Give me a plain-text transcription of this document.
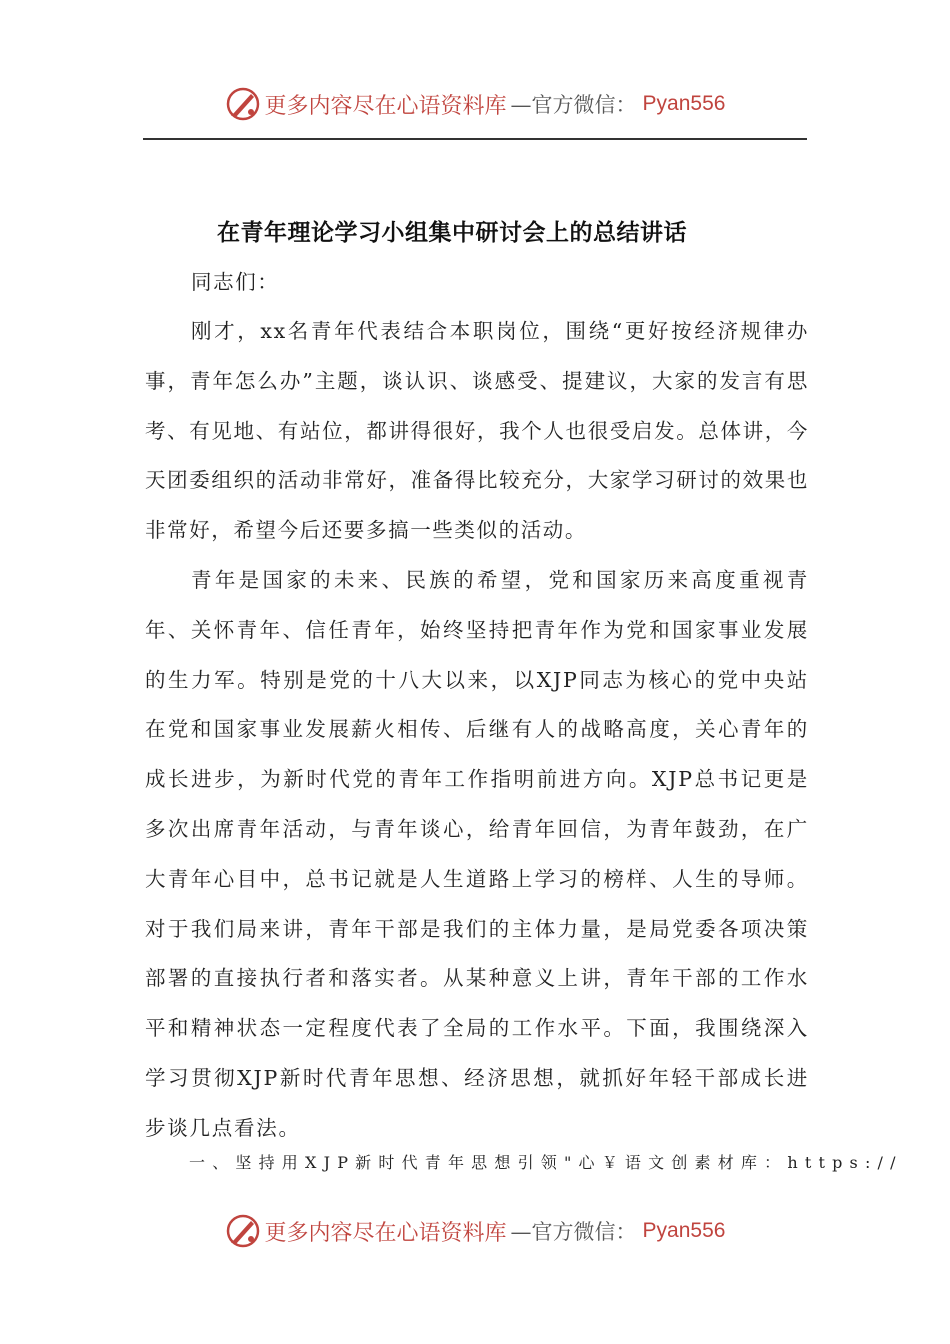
更多内容尽在心语资料库 —官方微信： Pyan556
在青年理论学习小组集中研讨会上的总结讲话

同志们：

刚才，xx名青年代表结合本职岗位，围绕“更好按经济规律办事，青年怎么办”主题，谈认识、谈感受、提建议，大家的发言有思考、有见地、有站位，都讲得很好，我个人也很受启发。总体讲，今天团委组织的活动非常好，准备得比较充分，大家学习研讨的效果也非常好，希望今后还要多搞一些类似的活动。

青年是国家的未来、民族的希望，党和国家历来高度重视青年、关怀青年、信任青年，始终坚持把青年作为党和国家事业发展的生力军。特别是党的十八大以来，以XJP同志为核心的党中央站在党和国家事业发展薪火相传、后继有人的战略高度，关心青年的成长进步，为新时代党的青年工作指明前进方向。XJP总书记更是多次出席青年活动，与青年谈心，给青年回信，为青年鼓劲，在广大青年心目中，总书记就是人生道路上学习的榜样、人生的导师。对于我们局来讲，青年干部是我们的主体力量，是局党委各项决策部署的直接执行者和落实者。从某种意义上讲，青年干部的工作水平和精神状态一定程度代表了全局的工作水平。下面，我围绕深入学习贯彻XJP新时代青年思想、经济思想，就抓好年轻干部成长进步谈几点看法。

一、坚持用XJP新时代青年思想引领"心￥语文创素材库：https://

更多内容尽在心语资料库 —官方微信： Pyan556
